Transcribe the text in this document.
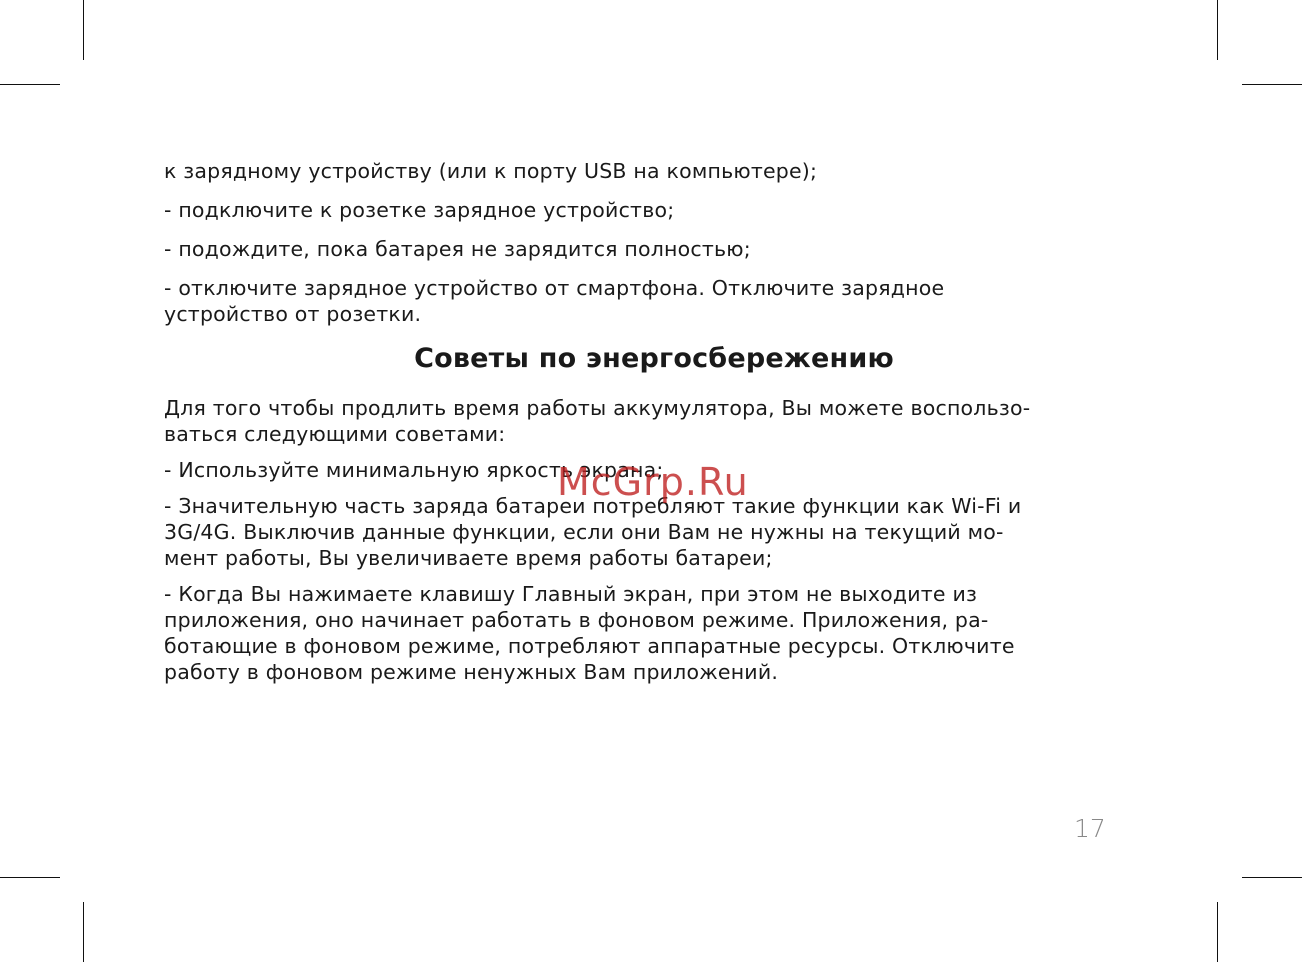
к зарядному устройству (или к порту USB на компьютере);

- подключите к розетке зарядное устройство;

- подождите, пока батарея не зарядится полностью;

- отключите зарядное устройство от смартфона. Отключите зарядное
устройство от розетки.

Советы по энергосбережению

Для того чтобы продлить время работы аккумулятора, Вы можете воспользо-
ваться следующими советами:

- Используйте минимальную яркость экрана;

- Значительную часть заряда батареи потребляют такие функции как Wi-Fi и
3G/4G. Выключив данные функции, если они Вам не нужны на текущий мо-
мент работы, Вы увеличиваете время работы батареи;

- Когда Вы нажимаете клавишу Главный экран, при этом не выходите из
приложения, оно начинает работать в фоновом режиме. Приложения, ра-
ботающие в фоновом режиме, потребляют аппаратные ресурсы. Отключите
работу в фоновом режиме ненужных Вам приложений.

McGrp.Ru
17
